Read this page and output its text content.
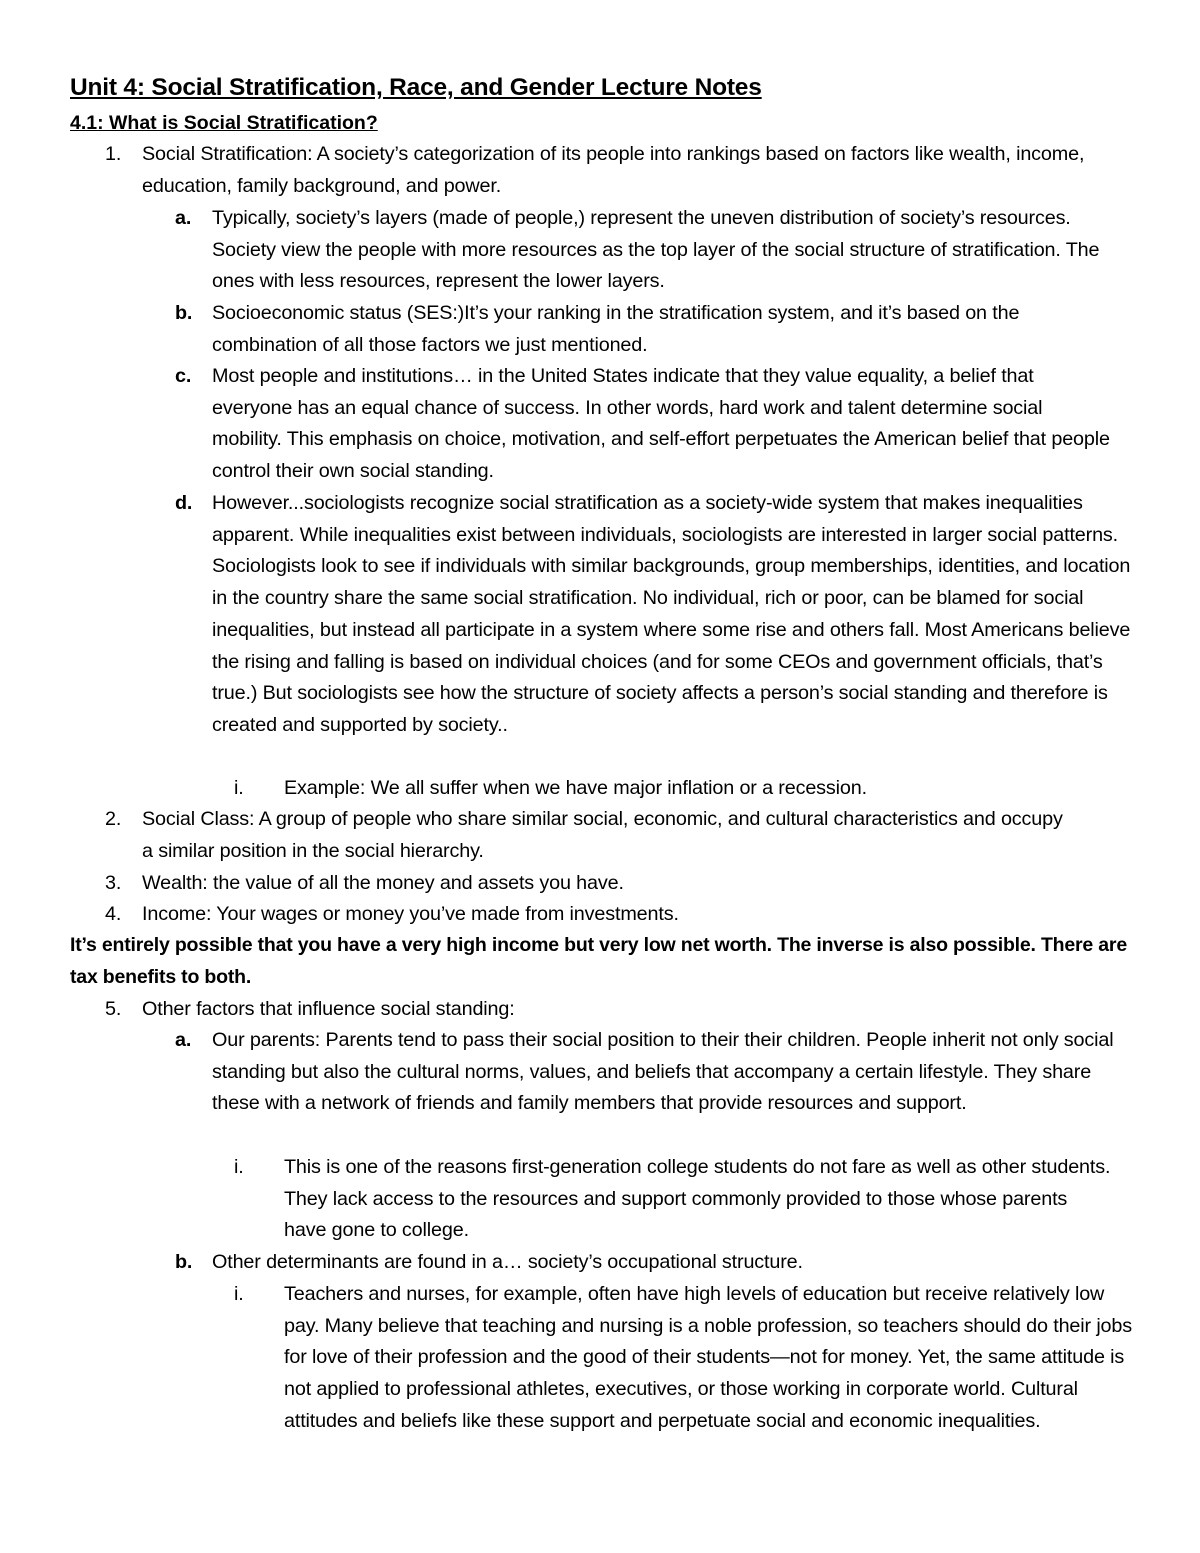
Unit 4: Social Stratification, Race, and Gender Lecture Notes
4.1: What is Social Stratification?
1. Social Stratification: A society’s categorization of its people into rankings based on factors like wealth, income, education, family background, and power.
a. Typically, society’s layers (made of people,) represent the uneven distribution of society’s resources. Society view the people with more resources as the top layer of the social structure of stratification. The ones with less resources, represent the lower layers.
b. Socioeconomic status (SES:)It’s your ranking in the stratification system, and it’s based on the combination of all those factors we just mentioned.
c. Most people and institutions… in the United States indicate that they value equality, a belief that everyone has an equal chance of success. In other words, hard work and talent determine social mobility. This emphasis on choice, motivation, and self-effort perpetuates the American belief that people control their own social standing.
d. However...sociologists recognize social stratification as a society-wide system that makes inequalities apparent. While inequalities exist between individuals, sociologists are interested in larger social patterns. Sociologists look to see if individuals with similar backgrounds, group memberships, identities, and location in the country share the same social stratification. No individual, rich or poor, can be blamed for social inequalities, but instead all participate in a system where some rise and others fall. Most Americans believe the rising and falling is based on individual choices (and for some CEOs and government officials, that’s true.) But sociologists see how the structure of society affects a person’s social standing and therefore is created and supported by society..
i. Example: We all suffer when we have major inflation or a recession.
2. Social Class: A group of people who share similar social, economic, and cultural characteristics and occupy a similar position in the social hierarchy.
3. Wealth: the value of all the money and assets you have.
4. Income: Your wages or money you’ve made from investments.
It’s entirely possible that you have a very high income but very low net worth. The inverse is also possible. There are tax benefits to both.
5. Other factors that influence social standing:
a. Our parents: Parents tend to pass their social position to their their children. People inherit not only social standing but also the cultural norms, values, and beliefs that accompany a certain lifestyle. They share these with a network of friends and family members that provide resources and support.
i. This is one of the reasons first-generation college students do not fare as well as other students. They lack access to the resources and support commonly provided to those whose parents have gone to college.
b. Other determinants are found in a… society’s occupational structure.
i. Teachers and nurses, for example, often have high levels of education but receive relatively low pay. Many believe that teaching and nursing is a noble profession, so teachers should do their jobs for love of their profession and the good of their students—not for money. Yet, the same attitude is not applied to professional athletes, executives, or those working in corporate world. Cultural attitudes and beliefs like these support and perpetuate social and economic inequalities.
